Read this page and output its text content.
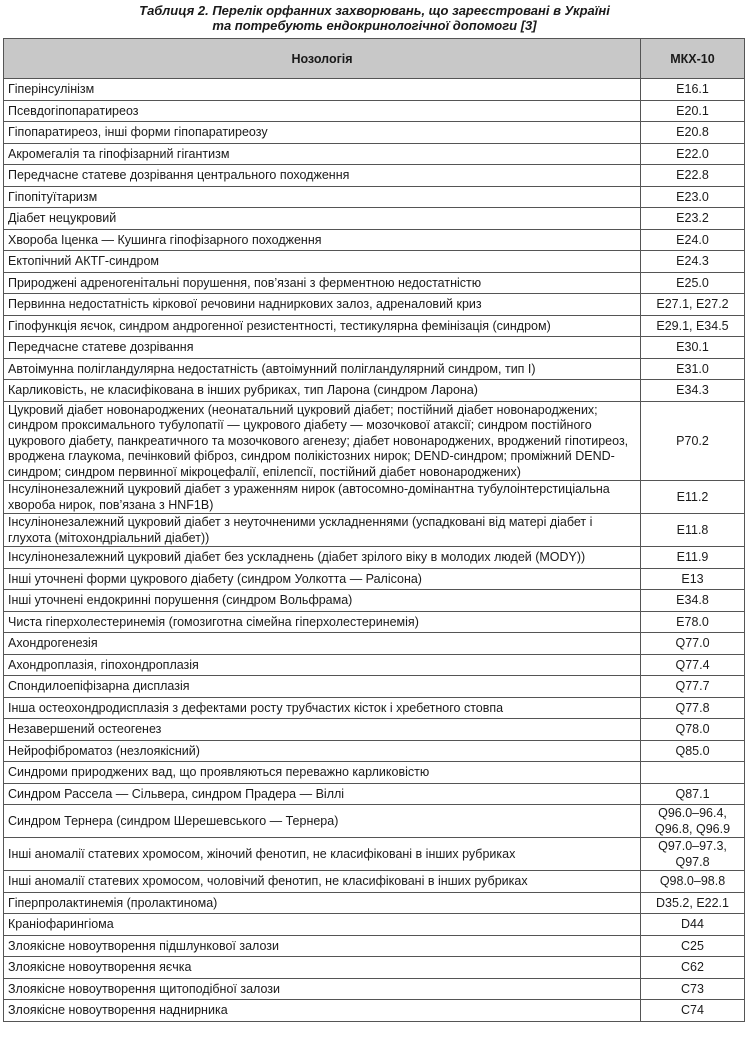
Таблиця 2. Перелік орфанних захворювань, що зареєстровані в Україні
та потребують ендокринологічної допомоги [3]
Нозологія	МКХ-10
Гіперінсулінізм	E16.1
Псевдогіпопаратиреоз	E20.1
Гіпопаратиреоз, інші форми гіпопаратиреозу	E20.8
Акромегалія та гіпофізарний гігантизм	E22.0
Передчасне статеве дозрівання центрального походження	E22.8
Гіпопітуїтаризм	E23.0
Діабет нецукровий	E23.2
Хвороба Іценка — Кушинга гіпофізарного походження	E24.0
Ектопічний АКТГ-синдром	E24.3
Природжені адреногенітальні порушення, пов’язані з ферментною недостатністю	E25.0
Первинна недостатність кіркової речовини надниркових залоз, адреналовий криз	E27.1, E27.2
Гіпофункція яєчок, синдром андрогенної резистентності, тестикулярна фемінізація (синдром)	E29.1, E34.5
Передчасне статеве дозрівання	E30.1
Автоімунна полігландулярна недостатність (автоімунний полігландулярний синдром, тип І)	E31.0
Карликовість, не класифікована в інших рубриках, тип Ларона (синдром Ларона)	E34.3
Цукровий діабет новонароджених (неонатальний цукровий діабет; постійний діабет новонароджених; синдром проксимального тубулопатії — цукрового діабету — мозочкової атаксії; синдром постійного цукрового діабету, панкреатичного та мозочкового агенезу; діабет новонароджених, вроджений гіпотиреоз, вроджена глаукома, печінковий фіброз, синдром полікістозних нирок; DEND-синдром; проміжний DEND-синдром; синдром первинної мікроцефалії, епілепсії, постійний діабет новонароджених)	P70.2
Інсулінонезалежний цукровий діабет з ураженням нирок (автосомно-домінантна тубулоінтерстиціальна хвороба нирок, пов’язана з HNF1B)	E11.2
Інсулінонезалежний цукровий діабет з неуточненими ускладненнями (успадковані від матері діабет і глухота (мітохондріальний діабет))	E11.8
Інсулінонезалежний цукровий діабет без ускладнень (діабет зрілого віку в молодих людей (MODY))	E11.9
Інші уточнені форми цукрового діабету (синдром Уолкотта — Ралісона)	E13
Інші уточнені ендокринні порушення (синдром Вольфрама)	E34.8
Чиста гіперхолестеринемія (гомозиготна сімейна гіперхолестеринемія)	E78.0
Ахондрогенезія	Q77.0
Ахондроплазія, гіпохондроплазія	Q77.4
Спондилоепіфізарна дисплазія	Q77.7
Інша остеохондродисплазія з дефектами росту трубчастих кісток і хребетного стовпа	Q77.8
Незавершений остеогенез	Q78.0
Нейрофіброматоз (незлоякісний)	Q85.0
Синдроми природжених вад, що проявляються переважно карликовістю	
Синдром Рассела — Сільвера, синдром Прадера — Віллі	Q87.1
Синдром Тернера (синдром Шерешевського — Тернера)	Q96.0–96.4, Q96.8, Q96.9
Інші аномалії статевих хромосом, жіночий фенотип, не класифіковані в інших рубриках	Q97.0–97.3, Q97.8
Інші аномалії статевих хромосом, чоловічий фенотип, не класифіковані в інших рубриках	Q98.0–98.8
Гіперпролактинемія (пролактинома)	D35.2, E22.1
Краніофарингіома	D44
Злоякісне новоутворення підшлункової залози	C25
Злоякісне новоутворення яєчка	C62
Злоякісне новоутворення щитоподібної залози	C73
Злоякісне новоутворення наднирника	C74
